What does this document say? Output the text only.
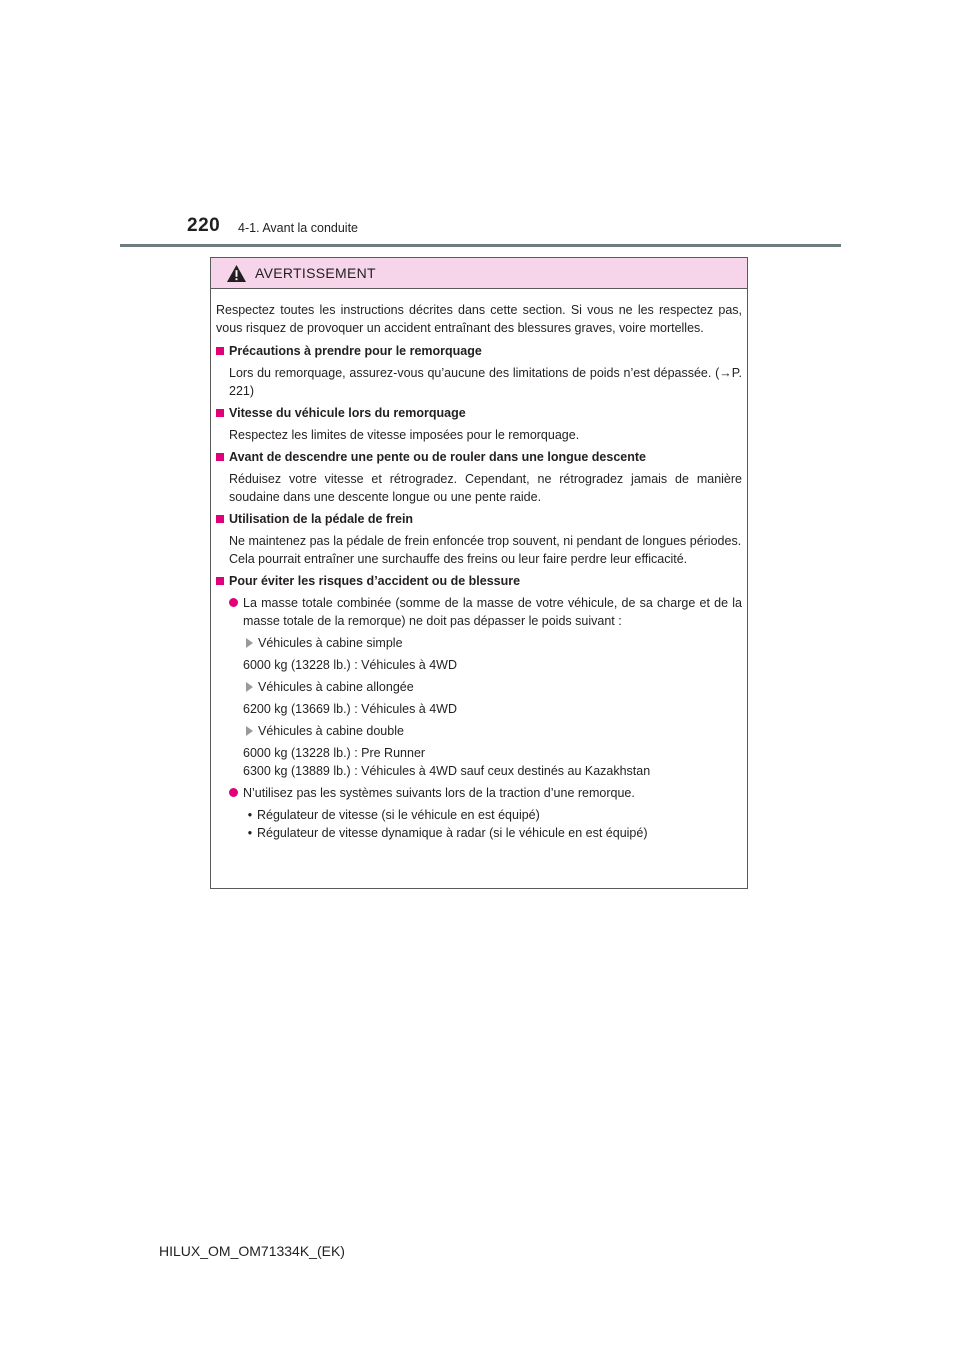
220 4-1. Avant la conduite
AVERTISSEMENT

Respectez toutes les instructions décrites dans cette section. Si vous ne les respectez pas, vous risquez de provoquer un accident entraînant des blessures graves, voire mortelles.

Précautions à prendre pour le remorquage
Lors du remorquage, assurez-vous qu’aucune des limitations de poids n’est dépassée. (→P. 221)
Vitesse du véhicule lors du remorquage
Respectez les limites de vitesse imposées pour le remorquage.
Avant de descendre une pente ou de rouler dans une longue descente
Réduisez votre vitesse et rétrogradez. Cependant, ne rétrogradez jamais de manière soudaine dans une descente longue ou une pente raide.
Utilisation de la pédale de frein
Ne maintenez pas la pédale de frein enfoncée trop souvent, ni pendant de longues périodes.
Cela pourrait entraîner une surchauffe des freins ou leur faire perdre leur efficacité.
Pour éviter les risques d’accident ou de blessure
La masse totale combinée (somme de la masse de votre véhicule, de sa charge et de la masse totale de la remorque) ne doit pas dépasser le poids suivant :
Véhicules à cabine simple
6000 kg (13228 lb.) : Véhicules à 4WD
Véhicules à cabine allongée
6200 kg (13669 lb.) : Véhicules à 4WD
Véhicules à cabine double
6000 kg (13228 lb.) : Pre Runner
6300 kg (13889 lb.) : Véhicules à 4WD sauf ceux destinés au Kazakhstan
N’utilisez pas les systèmes suivants lors de la traction d’une remorque.
• Régulateur de vitesse (si le véhicule en est équipé)
• Régulateur de vitesse dynamique à radar (si le véhicule en est équipé)
HILUX_OM_OM71334K_(EK)
